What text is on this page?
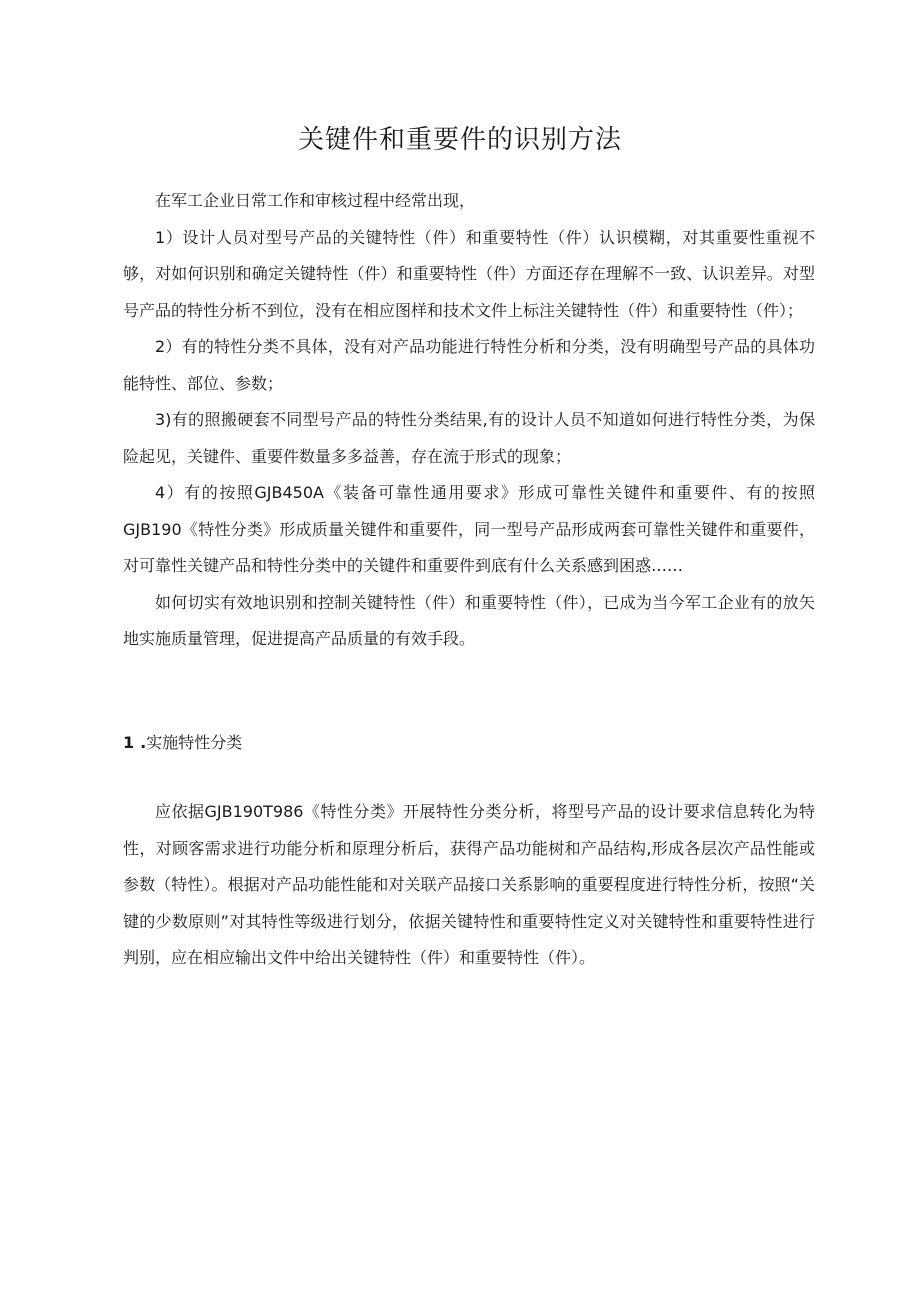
关键件和重要件的识别方法

在军工企业日常工作和审核过程中经常出现，

1）设计人员对型号产品的关键特性（件）和重要特性（件）认识模糊，对其重要性重视不够，对如何识别和确定关键特性（件）和重要特性（件）方面还存在理解不一致、认识差异。对型号产品的特性分析不到位，没有在相应图样和技术文件上标注关键特性（件）和重要特性（件）；

2）有的特性分类不具体，没有对产品功能进行特性分析和分类，没有明确型号产品的具体功能特性、部位、参数；

3)有的照搬硬套不同型号产品的特性分类结果,有的设计人员不知道如何进行特性分类，为保险起见，关键件、重要件数量多多益善，存在流于形式的现象；

4）有的按照GJB450A《装备可靠性通用要求》形成可靠性关键件和重要件、有的按照GJB190《特性分类》形成质量关键件和重要件，同一型号产品形成两套可靠性关键件和重要件，对可靠性关键产品和特性分类中的关键件和重要件到底有什么关系感到困惑……

如何切实有效地识别和控制关键特性（件）和重要特性（件），已成为当今军工企业有的放矢地实施质量管理，促进提高产品质量的有效手段。

1 .实施特性分类

应依据GJB190T986《特性分类》开展特性分类分析，将型号产品的设计要求信息转化为特性，对顾客需求进行功能分析和原理分析后，获得产品功能树和产品结构,形成各层次产品性能或参数（特性）。根据对产品功能性能和对关联产品接口关系影响的重要程度进行特性分析，按照“关键的少数原则”对其特性等级进行划分，依据关键特性和重要特性定义对关键特性和重要特性进行判别，应在相应输出文件中给出关键特性（件）和重要特性（件）。
